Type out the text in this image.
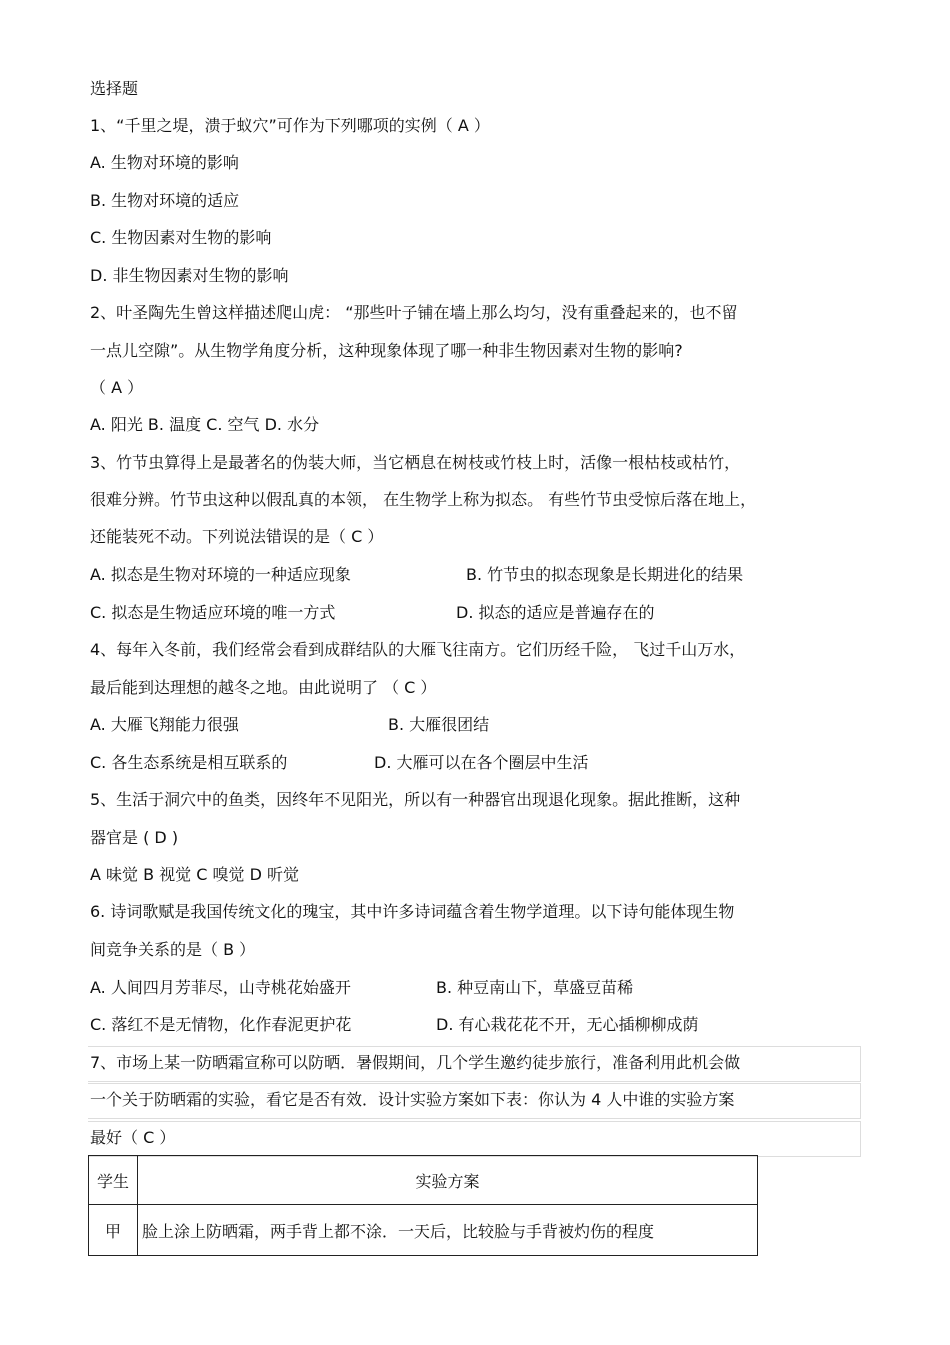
选择题
1、“千里之堤，溃于蚁穴”可作为下列哪项的实例（ A ）
A. 生物对环境的影响
B. 生物对环境的适应
C. 生物因素对生物的影响
D. 非生物因素对生物的影响
2、叶圣陶先生曾这样描述爬山虎： “那些叶子铺在墙上那么均匀，没有重叠起来的，也不留
一点儿空隙”。从生物学角度分析，这种现象体现了哪一种非生物因素对生物的影响?
（ A ）
A. 阳光 B. 温度 C. 空气 D. 水分
3、竹节虫算得上是最著名的伪装大师，当它栖息在树枝或竹枝上时，活像一根枯枝或枯竹，
很难分辨。竹节虫这种以假乱真的本领， 在生物学上称为拟态。 有些竹节虫受惊后落在地上，
还能装死不动。下列说法错误的是（ C ）
A. 拟态是生物对环境的一种适应现象	B. 竹节虫的拟态现象是长期进化的结果
C. 拟态是生物适应环境的唯一方式	D. 拟态的适应是普遍存在的
4、每年入冬前，我们经常会看到成群结队的大雁飞往南方。它们历经千险， 飞过千山万水，
最后能到达理想的越冬之地。由此说明了 （ C ）
A. 大雁飞翔能力很强	B. 大雁很团结
C. 各生态系统是相互联系的	D. 大雁可以在各个圈层中生活
5、生活于洞穴中的鱼类，因终年不见阳光，所以有一种器官出现退化现象。据此推断，这种
器官是 ( D )
A 味觉 B 视觉 C 嗅觉 D 听觉
6. 诗词歌赋是我国传统文化的瑰宝，其中许多诗词蕴含着生物学道理。以下诗句能体现生物
间竞争关系的是（ B ）
A. 人间四月芳菲尽，山寺桃花始盛开	B. 种豆南山下，草盛豆苗稀
C. 落红不是无情物，化作春泥更护花	D. 有心栽花花不开，无心插柳柳成荫
7、市场上某一防晒霜宣称可以防晒．暑假期间，几个学生邀约徒步旅行，准备利用此机会做
一个关于防晒霜的实验，看它是否有效．设计实验方案如下表：你认为 4 人中谁的实验方案
最好（ C ）
学生	实验方案
甲	脸上涂上防晒霜，两手背上都不涂．一天后，比较脸与手背被灼伤的程度
